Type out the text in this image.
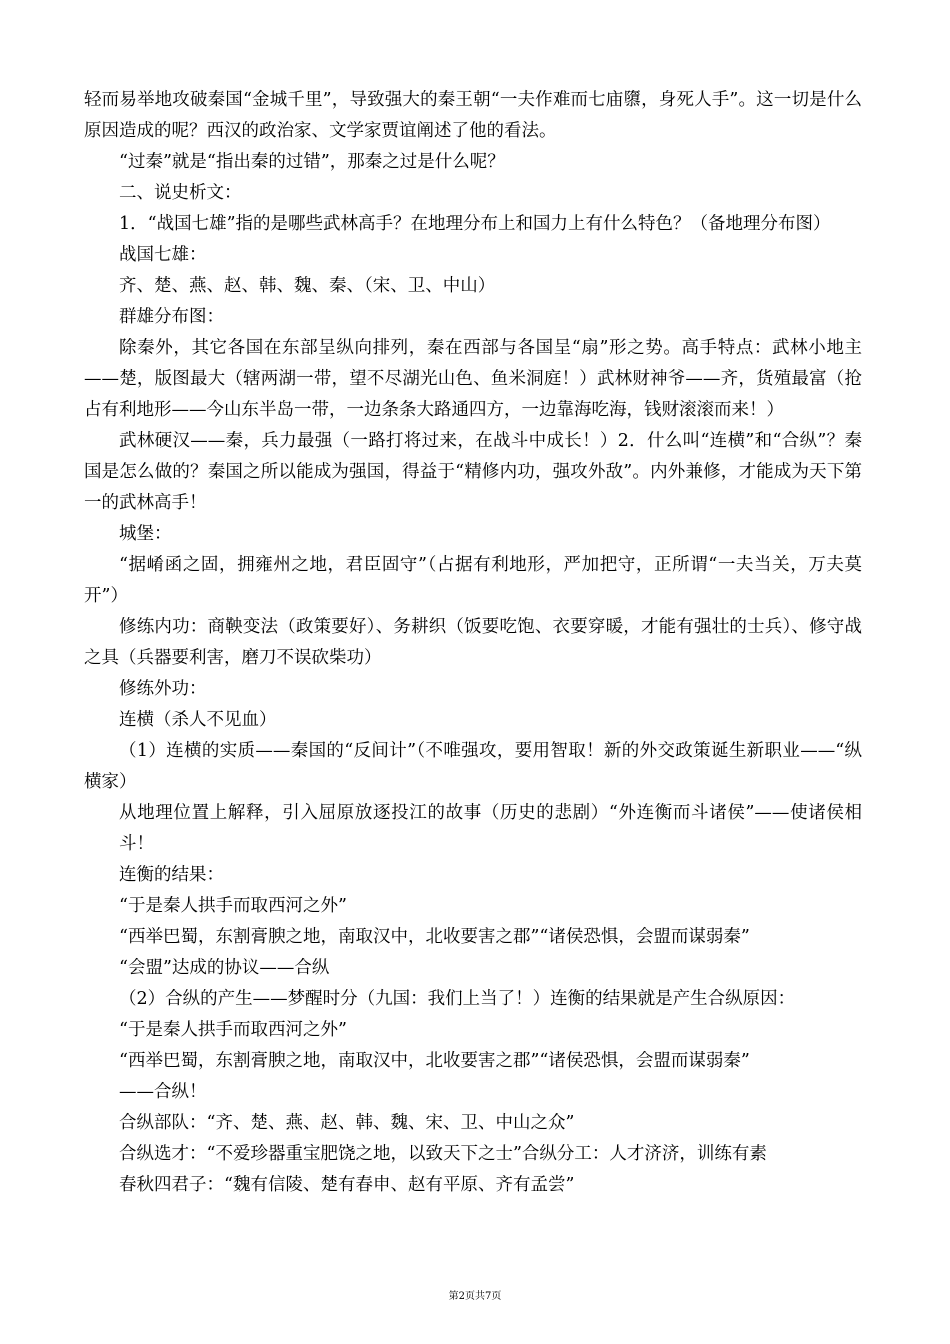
轻而易举地攻破秦国“金城千里”，导致强大的秦王朝“一夫作难而七庙隳，身死人手”。这一切是什么原因造成的呢？西汉的政治家、文学家贾谊阐述了他的看法。

“过秦”就是“指出秦的过错”，那秦之过是什么呢？

二、说史析文：

1．“战国七雄”指的是哪些武林高手？在地理分布上和国力上有什么特色？（备地理分布图）

战国七雄：

齐、楚、燕、赵、韩、魏、秦、（宋、卫、中山）

群雄分布图：

除秦外，其它各国在东部呈纵向排列，秦在西部与各国呈“扇”形之势。高手特点：武林小地主——楚，版图最大（辖两湖一带，望不尽湖光山色、鱼米洞庭！）武林财神爷——齐，货殖最富（抢占有利地形——今山东半岛一带，一边条条大路通四方，一边靠海吃海，钱财滚滚而来！）

武林硬汉——秦，兵力最强（一路打将过来，在战斗中成长！）2．什么叫“连横”和“合纵”？秦国是怎么做的？秦国之所以能成为强国，得益于“精修内功，强攻外敌”。内外兼修，才能成为天下第一的武林高手！

城堡：

“据崤函之固，拥雍州之地，君臣固守”（占据有利地形，严加把守，正所谓“一夫当关，万夫莫开”）

修练内功：商鞅变法（政策要好）、务耕织（饭要吃饱、衣要穿暖，才能有强壮的士兵）、修守战之具（兵器要利害，磨刀不误砍柴功）

修练外功：

连横（杀人不见血）

（1）连横的实质——秦国的“反间计”（不唯强攻，要用智取！新的外交政策诞生新职业——“纵横家）

从地理位置上解释，引入屈原放逐投江的故事（历史的悲剧）“外连衡而斗诸侯”——使诸侯相斗！

连衡的结果：

“于是秦人拱手而取西河之外”

“西举巴蜀，东割膏腴之地，南取汉中，北收要害之郡”“诸侯恐惧，会盟而谋弱秦”

“会盟”达成的协议——合纵

（2）合纵的产生——梦醒时分（九国：我们上当了！）连衡的结果就是产生合纵原因：

“于是秦人拱手而取西河之外”

“西举巴蜀，东割膏腴之地，南取汉中，北收要害之郡”“诸侯恐惧，会盟而谋弱秦”

——合纵！

合纵部队：“齐、楚、燕、赵、韩、魏、宋、卫、中山之众”

合纵选才：“不爱珍器重宝肥饶之地，以致天下之士”合纵分工：人才济济，训练有素

春秋四君子：“魏有信陵、楚有春申、赵有平原、齐有孟尝”

第2页共7页
